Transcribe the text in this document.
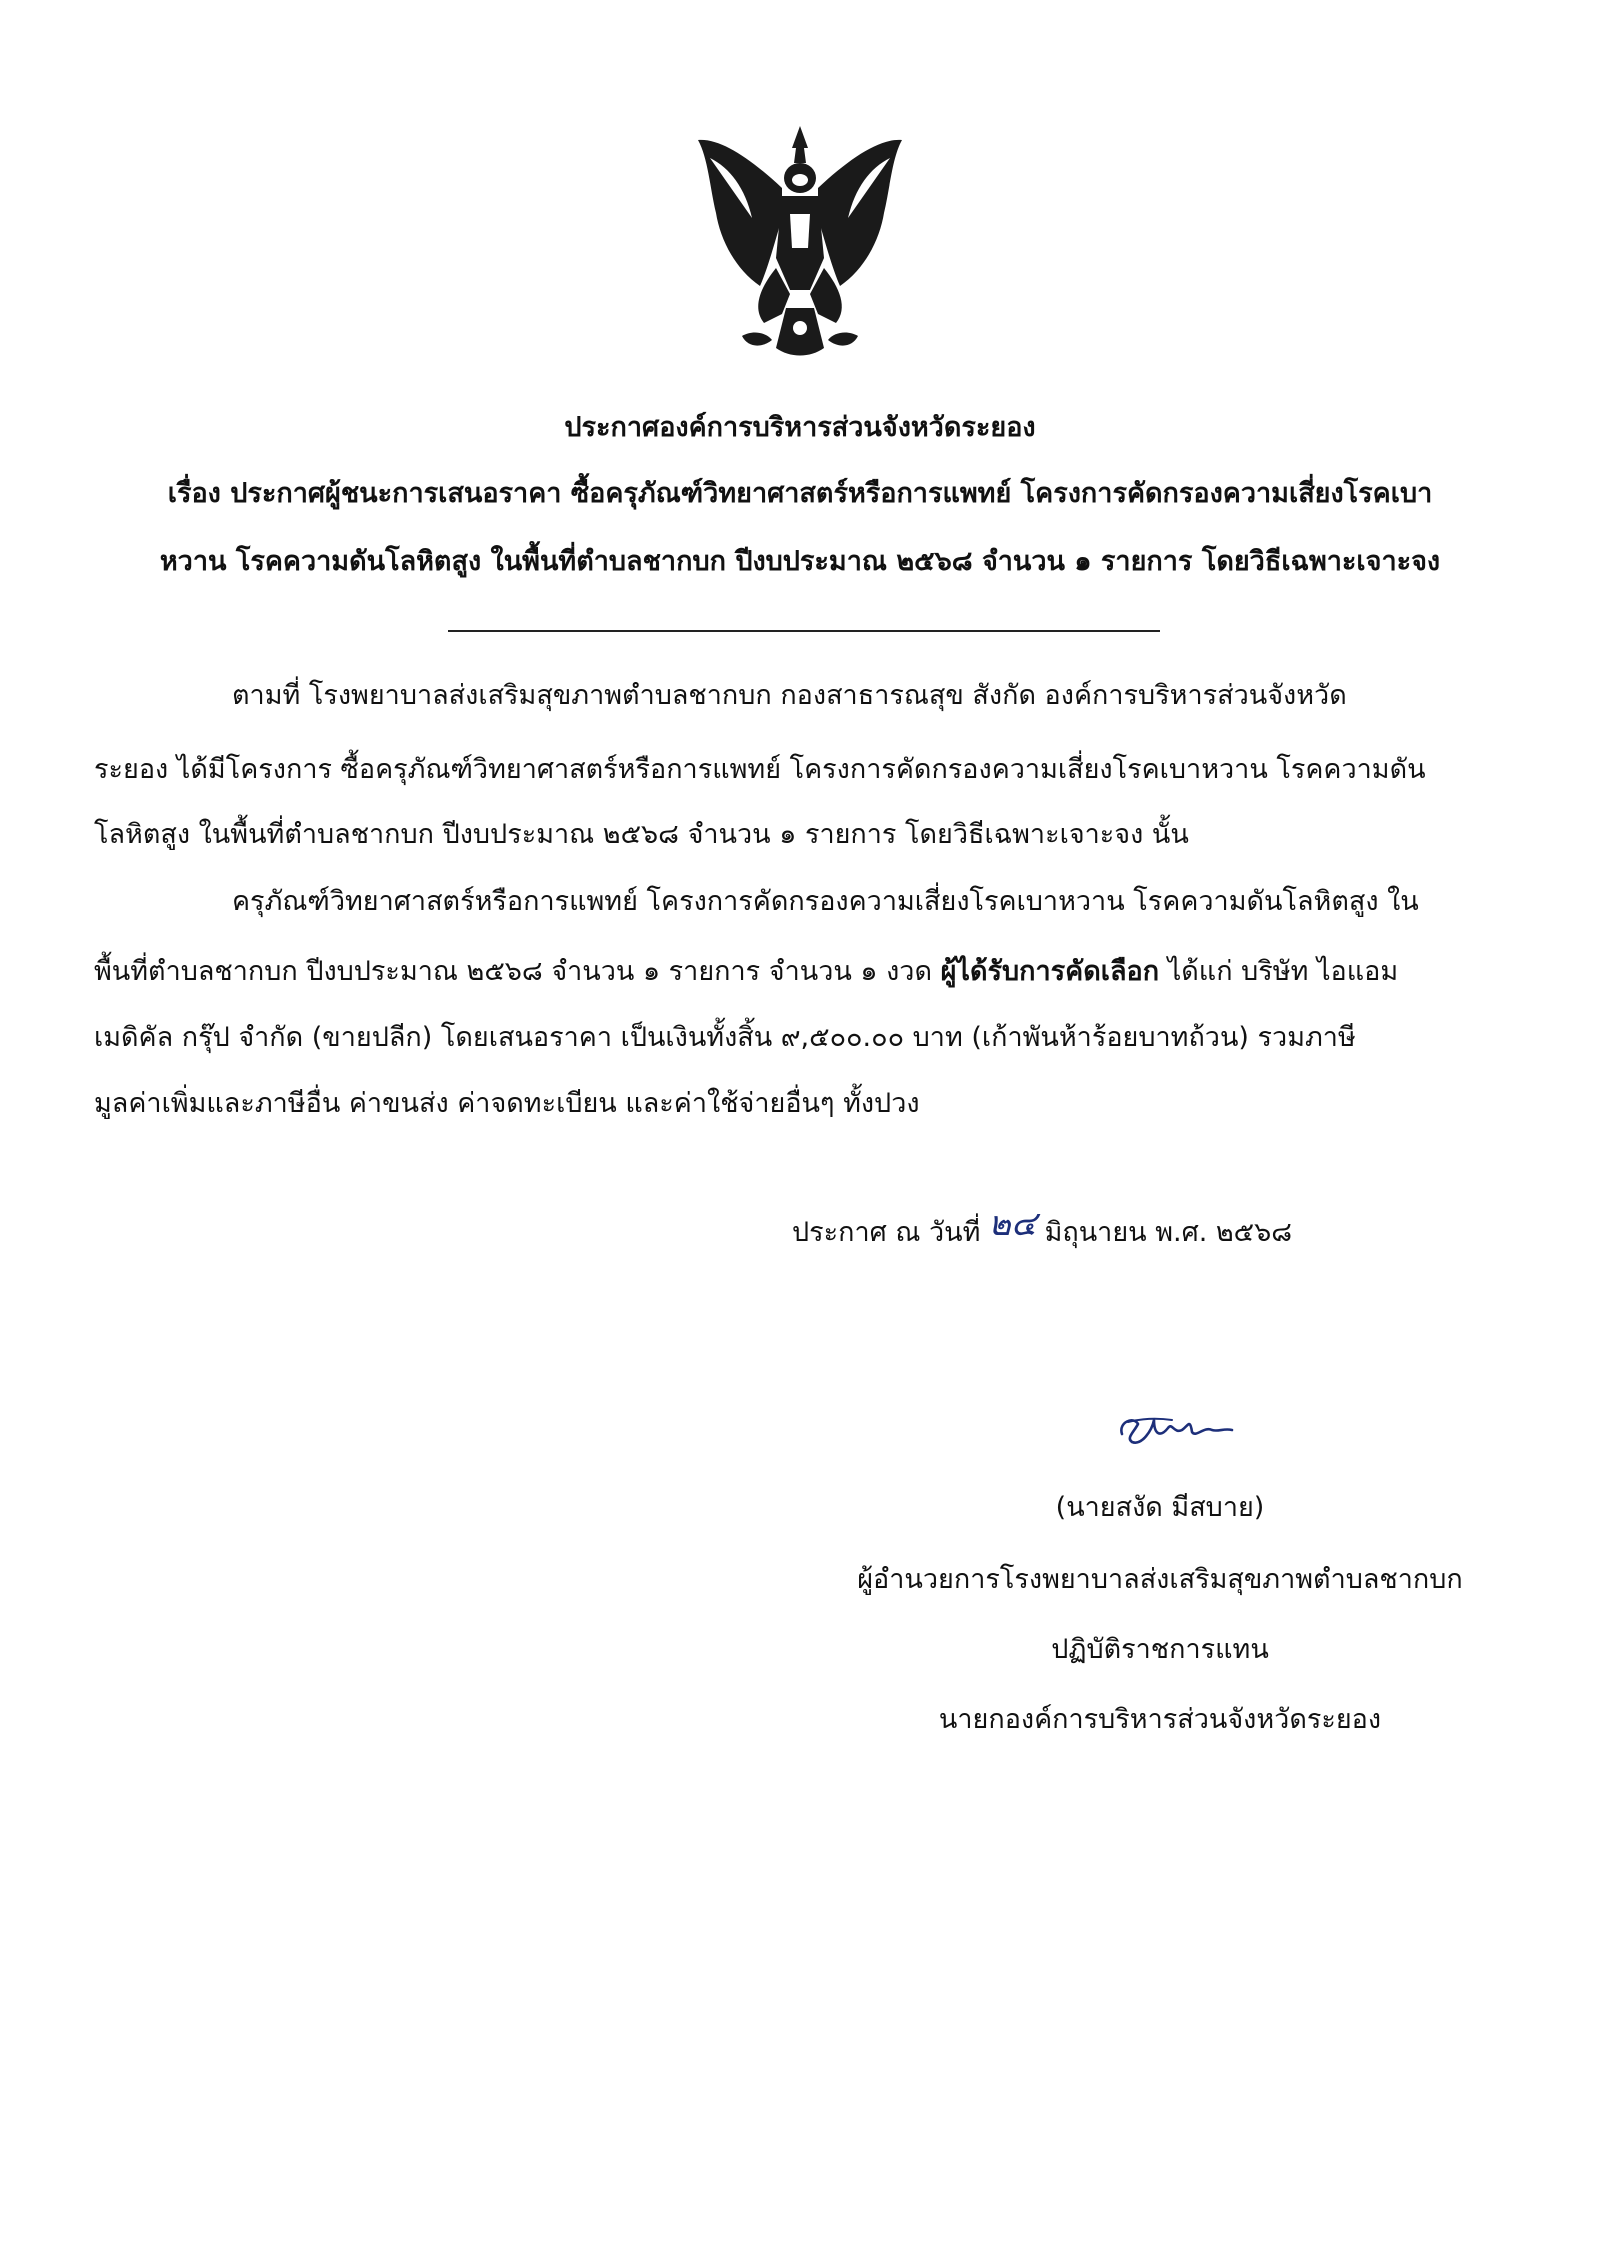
ประกาศองค์การบริหารส่วนจังหวัดระยอง
เรื่อง ประกาศผู้ชนะการเสนอราคา ซื้อครุภัณฑ์วิทยาศาสตร์หรือการแพทย์ โครงการคัดกรองความเสี่ยงโรคเบา
หวาน โรคความดันโลหิตสูง ในพื้นที่ตำบลชากบก ปีงบประมาณ ๒๕๖๘ จำนวน ๑ รายการ โดยวิธีเฉพาะเจาะจง
ตามที่ โรงพยาบาลส่งเสริมสุขภาพตำบลชากบก กองสาธารณสุข สังกัด องค์การบริหารส่วนจังหวัด
ระยอง ได้มีโครงการ ซื้อครุภัณฑ์วิทยาศาสตร์หรือการแพทย์ โครงการคัดกรองความเสี่ยงโรคเบาหวาน โรคความดัน
โลหิตสูง ในพื้นที่ตำบลชากบก ปีงบประมาณ ๒๕๖๘ จำนวน ๑ รายการ โดยวิธีเฉพาะเจาะจง นั้น
ครุภัณฑ์วิทยาศาสตร์หรือการแพทย์ โครงการคัดกรองความเสี่ยงโรคเบาหวาน โรคความดันโลหิตสูง ใน
พื้นที่ตำบลชากบก ปีงบประมาณ ๒๕๖๘ จำนวน ๑ รายการ จำนวน ๑ งวด ผู้ได้รับการคัดเลือก ได้แก่ บริษัท ไอแอม
เมดิคัล กรุ๊ป จำกัด (ขายปลีก) โดยเสนอราคา เป็นเงินทั้งสิ้น ๙,๕๐๐.๐๐ บาท (เก้าพันห้าร้อยบาทถ้วน) รวมภาษี
มูลค่าเพิ่มและภาษีอื่น ค่าขนส่ง ค่าจดทะเบียน และค่าใช้จ่ายอื่นๆ ทั้งปวง
ประกาศ ณ วันที่ ๒๔ มิถุนายน พ.ศ. ๒๕๖๘
(นายสงัด มีสบาย)
ผู้อำนวยการโรงพยาบาลส่งเสริมสุขภาพตำบลชากบก
ปฏิบัติราชการแทน
นายกองค์การบริหารส่วนจังหวัดระยอง
